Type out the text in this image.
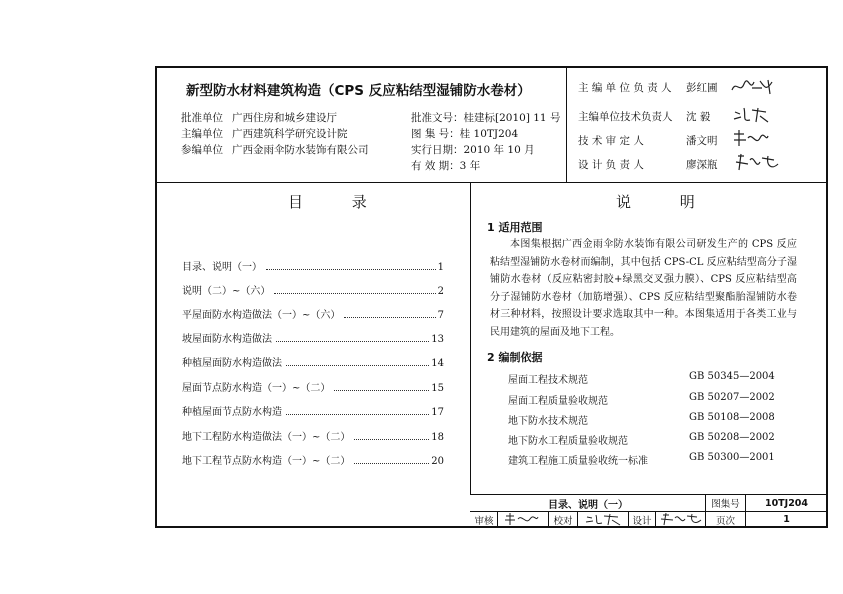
新型防水材料建筑构造（CPS 反应粘结型湿铺防水卷材）
批准单位 广西住房和城乡建设厅
主编单位 广西建筑科学研究设计院
参编单位 广西金雨伞防水装饰有限公司
批准文号：桂建标[2010] 11 号
图 集 号：桂 10TJ204
实行日期：2010 年 10 月
有 效 期：3 年
主 编 单 位 负 责 人 彭红圃
主编单位技术负责人 沈 毅
技 术 审 定 人	潘文明
设 计 负 责 人	廖深瓶
目 录
目录、说明（一）	1
说明（二）~（六）	2
平屋面防水构造做法（一）~（六）	7
坡屋面防水构造做法	13
种植屋面防水构造做法	14
屋面节点防水构造（一）~（二）	15
种植屋面节点防水构造	17
地下工程防水构造做法（一）~（二）	18
地下工程节点防水构造（一）~（二）	20
说 明
1 适用范围
本图集根据广西金雨伞防水装饰有限公司研发生产的 CPS 反应粘结型湿铺防水卷材而编制，其中包括 CPS-CL 反应粘结型高分子湿铺防水卷材（反应粘密封胶+绿黑交叉强力膜）、CPS 反应粘结型高分子湿铺防水卷材（加筋增强）、CPS 反应粘结型聚酯胎湿铺防水卷材三种材料，按照设计要求选取其中一种。本图集适用于各类工业与民用建筑的屋面及地下工程。
2 编制依据
屋面工程技术规范	GB 50345—2004
屋面工程质量验收规范	GB 50207—2002
地下防水技术规范	GB 50108—2008
地下防水工程质量验收规范	GB 50208—2002
建筑工程施工质量验收统一标准	GB 50300—2001
目录、说明（一）	图集号	10TJ204
审核	校对	设计	页次	1
